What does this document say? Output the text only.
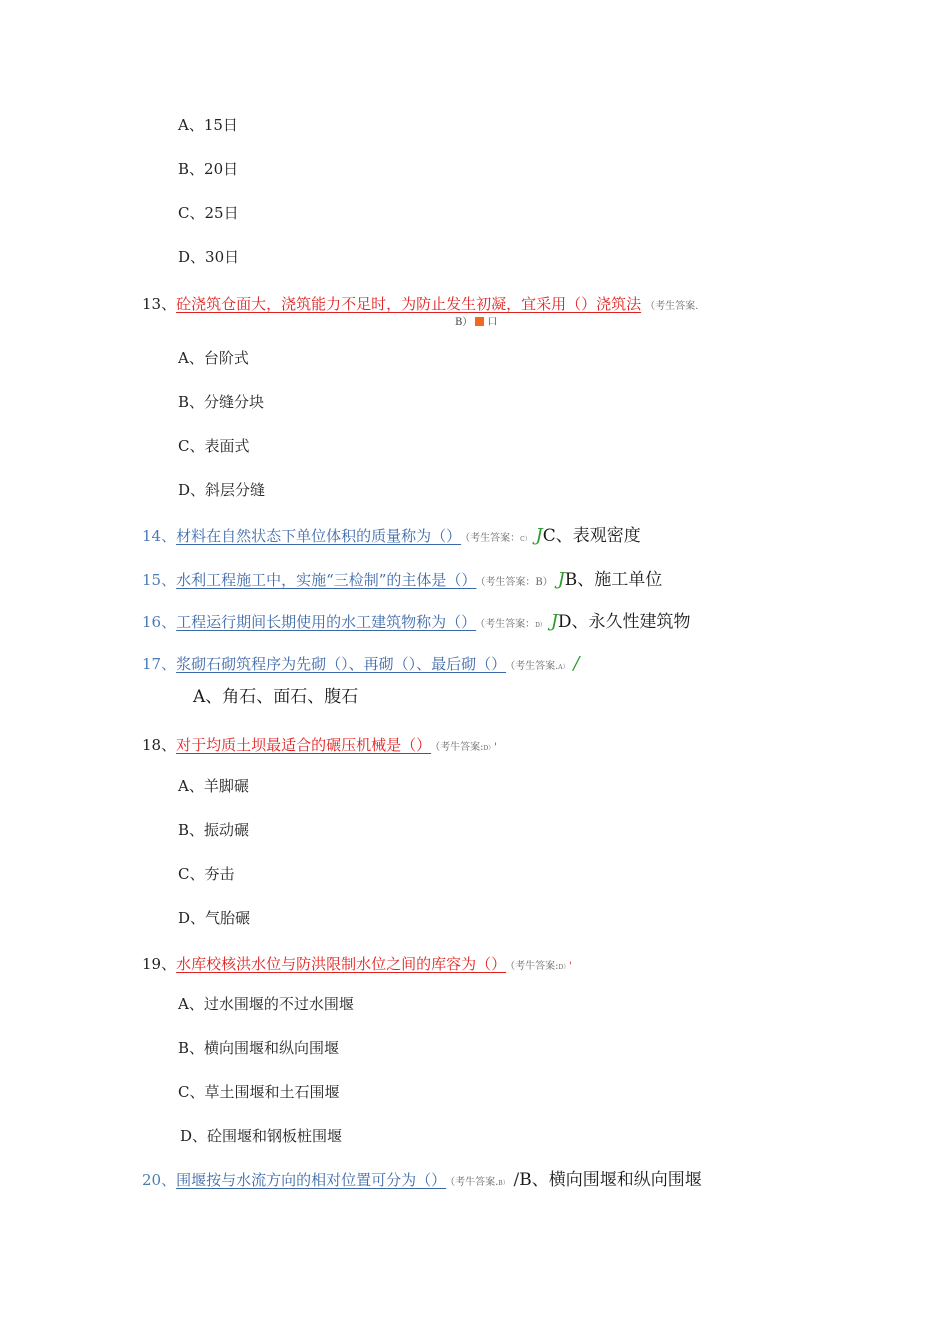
A、15日
B、20日
C、25日
D、30日
13、砼浇筑仓面大，浇筑能力不足时，为防止发生初凝，宜采用（）浇筑法 （考生答案.
B） 口
A、台阶式
B、分缝分块
C、表面式
D、斜层分缝
14、材料在自然状态下单位体积的质量称为（） （考生答案：C） JC、表观密度
15、水利工程施工中，实施“三检制”的主体是（） （考生答案：B） JB、施工单位
16、工程运行期间长期使用的水工建筑物称为（） （考生答案：D） JD、永久性建筑物
17、浆砌石砌筑程序为先砌（）、再砌（）、最后砌（） （考生答案.A） /
A、角石、面石、腹石
18、对于均质土坝最适合的碾压机械是（） （考牛答案:D）'
A、羊脚碾
B、振动碾
C、夯击
D、气胎碾
19、水库校核洪水位与防洪限制水位之间的库容为（） （考牛答案:D）'
A、过水围堰的不过水围堰
B、横向围堰和纵向围堰
C、草土围堰和土石围堰
D、砼围堰和钢板桩围堰
20、围堰按与水流方向的相对位置可分为（） （考牛答案.B） /B、横向围堰和纵向围堰
